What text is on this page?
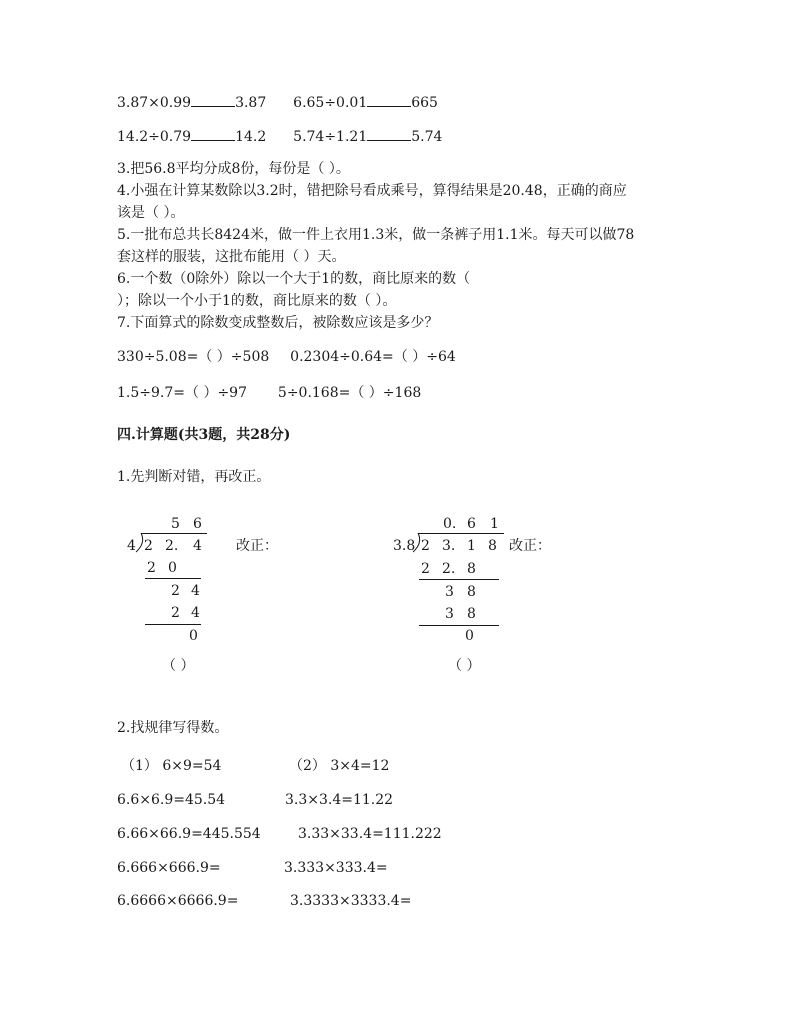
3.87×0.99	3.87 6.65÷0.01	665
14.2÷0.79	14.2 5.74÷1.21	5.74
3.把56.8平均分成8份，每份是（ ）。
4.小强在计算某数除以3.2时，错把除号看成乘号，算得结果是20.48，正确的商应
该是（ ）。
5.一批布总共长8424米，做一件上衣用1.3米，做一条裤子用1.1米。每天可以做78
套这样的服装，这批布能用（ ）天。
6.一个数（0除外）除以一个大于1的数，商比原来的数（
）；除以一个小于1的数，商比原来的数（ ）。
7.下面算式的除数变成整数后，被除数应该是多少？
330÷5.08=（ ）÷508 0.2304÷0.64=（ ）÷64
1.5÷9.7=（ ）÷97 5÷0.168=（ ）÷168
四.计算题(共3题，共28分)
1.先判断对错，再改正。
5 6
4 2 2. 4
2 0
2 4
2 4
0
改正：
（ ）
0. 6 1
3.8 2 3. 1 8
2 2. 8
3 8
3 8
0
改正：
（ ）
2.找规律写得数。
（1） 6×9=54	（2） 3×4=12
6.6×6.9=45.54	3.3×3.4=11.22
6.66×66.9=445.554	3.33×33.4=111.222
6.666×666.9=	3.333×333.4=
6.6666×6666.9=	3.3333×3333.4=
